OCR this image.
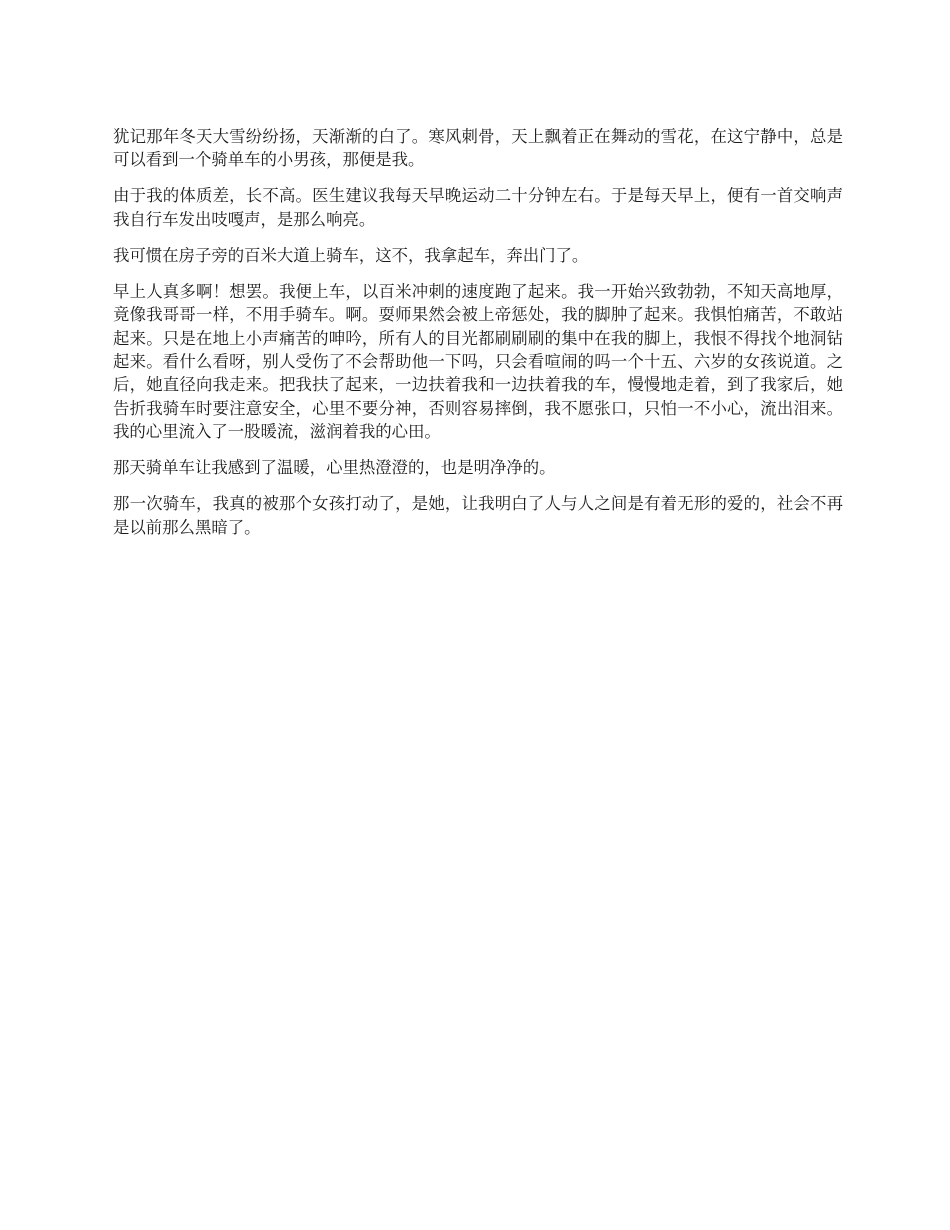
犹记那年冬天大雪纷纷扬，天渐渐的白了。寒风刺骨，天上飘着正在舞动的雪花，在这宁静中，总是可以看到一个骑单车的小男孩，那便是我。

由于我的体质差，长不高。医生建议我每天早晚运动二十分钟左右。于是每天早上，便有一首交响声我自行车发出吱嘎声，是那么响亮。

我可惯在房子旁的百米大道上骑车，这不，我拿起车，奔出门了。

早上人真多啊！想罢。我便上车，以百米冲刺的速度跑了起来。我一开始兴致勃勃，不知天高地厚，竟像我哥哥一样，不用手骑车。啊。耍师果然会被上帝惩处，我的脚肿了起来。我惧怕痛苦，不敢站起来。只是在地上小声痛苦的呻吟，所有人的目光都刷刷刷的集中在我的脚上，我恨不得找个地洞钻起来。看什么看呀，别人受伤了不会帮助他一下吗，只会看喧闹的吗一个十五、六岁的女孩说道。之后，她直径向我走来。把我扶了起来，一边扶着我和一边扶着我的车，慢慢地走着，到了我家后，她告折我骑车时要注意安全，心里不要分神，否则容易摔倒，我不愿张口，只怕一不小心，流出泪来。我的心里流入了一股暖流，滋润着我的心田。

那天骑单车让我感到了温暖，心里热澄澄的，也是明净净的。

那一次骑车，我真的被那个女孩打动了，是她，让我明白了人与人之间是有着无形的爱的，社会不再是以前那么黑暗了。
